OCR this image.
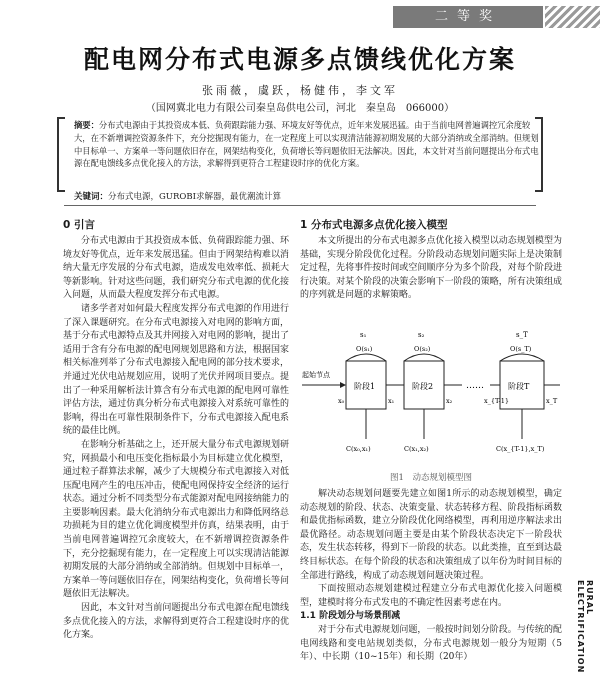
二等奖
配电网分布式电源多点馈线优化方案
张雨薇，虞跃，杨健伟，李文军
（国网冀北电力有限公司秦皇岛供电公司，河北　秦皇岛　066000）
摘要：分布式电源由于其投资成本低、负荷跟踪能力强、环境友好等优点，近年来发展迅猛。由于当前电网普遍调控冗余度较大，在不新增调控资源条件下，充分挖掘现有能力，在一定程度上可以实现清洁能源初期发展的大部分消纳或全部消纳。但规划中目标单一、方案单一等问题依旧存在，网架结构变化，负荷增长等问题依旧无法解决。因此，本文针对当前问题提出分布式电源在配电馈线多点优化接入的方法，求解得到更符合工程建设时序的优化方案。
关键词：分布式电源，GUROBI求解器，最优潮流计算
0 引言

分布式电源由于其投资成本低、负荷跟踪能力强、环境友好等优点，近年来发展迅猛。但由于网架结构难以消纳大量无序发展的分布式电源，造成发电效率低、损耗大等新影响。针对这些问题，我们研究分布式电源的优化接入问题，从而最大程度发挥分布式电源。

诸多学者对如何最大程度发挥分布式电源的作用进行了深入课题研究。在分布式电源接入对电网的影响方面，基于分布式电源特点及其并网接入对电网的影响，提出了适用于含有分布电源的配电网规划思路和方法，根据国家相关标准列举了分布式电源接入配电网的部分技术要求，并通过光伏电站规划应用，说明了光伏并网项目要点。提出了一种采用解析法计算含有分布式电源的配电网可靠性评估方法，通过仿真分析分布式电源接入对系统可靠性的影响，得出在可靠性限制条件下，分布式电源接入配电系统的最佳比例。

在影响分析基础之上，还开展大量分布式电源规划研究，网损最小和电压变化指标最小为目标建立优化模型，通过粒子群算法求解，减少了大规模分布式电源接入对低压配电网产生的电压冲击，使配电网保持安全经济的运行状态。通过分析不同类型分布式能源对配电网接纳能力的主要影响因素。最大化消纳分布式电源出力和降低网络总功损耗为目的建立优化调度模型并仿真，结果表明，由于当前电网普遍调控冗余度较大，在不新增调控资源条件下，充分挖掘现有能力，在一定程度上可以实现清洁能源初期发展的大部分消纳或全部消纳。但规划中目标单一，方案单一等问题依旧存在，网架结构变化，负荷增长等问题依旧无法解决。

因此，本文针对当前问题提出分布式电源在配电馈线多点优化接入的方法，求解得到更符合工程建设时序的优化方案。

1 分布式电源多点优化接入模型

本文所提出的分布式电源多点优化接入模型以动态规划模型为基础，实现分阶段优化过程。分阶段动态规划问题实际上是决策制定过程，先将事件按时间或空间顺序分为多个阶段，对每个阶段进行决策。对某个阶段的决策会影响下一阶段的策略，所有决策组成的序列就是问题的求解策略。

起始节点
阶段1	阶段2	阶段T
……
s₁	s₂	s_T
O(s₁)	O(s₂)	O(s_T)
x₀	x₁	x₂	x_{T-1}	x_T
C(x₀,x₁)	C(x₁,x₂)	C(x_{T-1},x_T)
图1　动态规划模型图

解决动态规划问题要先建立如图1所示的动态规划模型，确定动态规划的阶段、状态、决策变量、状态转移方程、阶段指标函数和最优指标函数，建立分阶段优化网络模型，再利用逆序解法求出最优路径。动态规划问题主要是由某个阶段状态决定下一阶段状态，发生状态转移，得到下一阶段的状态。以此类推，直至到达最终目标状态。在每个阶段的状态和决策组成了以年份为时间目标的全部进行路线，构成了动态规划问题决策过程。

下面按照动态规划建模过程建立分布式电源优化接入问题模型，建模时将分布式发电的不确定性因素考虑在内。

1.1 阶段划分与场景削减

对于分布式电源规划问题，一般按时间划分阶段。与传统的配电网线路和变电站规划类似，分布式电源规划一般分为短期（5年）、中长期（10~15年）和长期（20年）

RURAL ELECTRIFICATION
